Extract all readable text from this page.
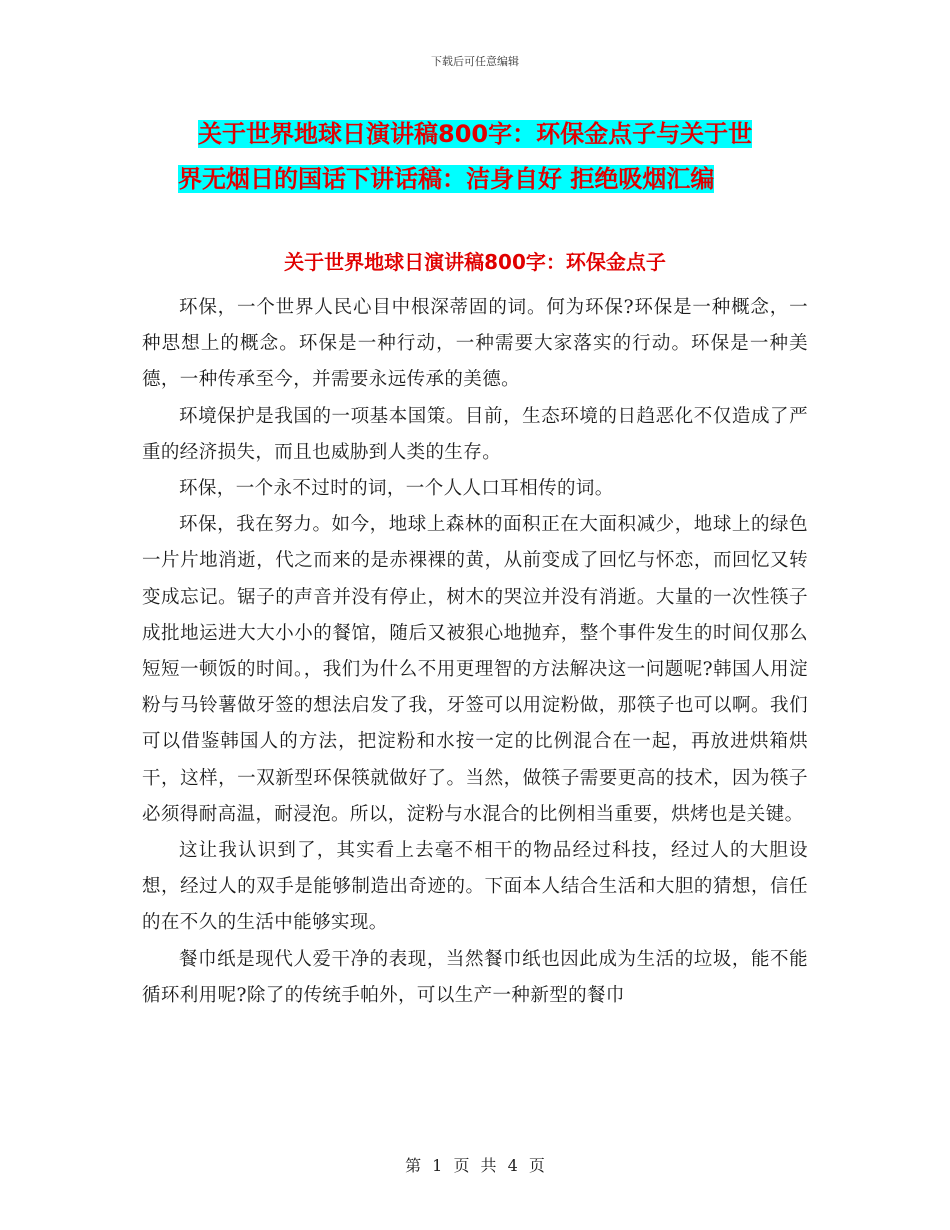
下载后可任意编辑
关于世界地球日演讲稿800字：环保金点子与关于世
界无烟日的国话下讲话稿：洁身自好 拒绝吸烟汇编
关于世界地球日演讲稿800字：环保金点子

环保，一个世界人民心目中根深蒂固的词。何为环保?环保是一种概念，一种思想上的概念。环保是一种行动，一种需要大家落实的行动。环保是一种美德，一种传承至今，并需要永远传承的美德。

环境保护是我国的一项基本国策。目前，生态环境的日趋恶化不仅造成了严重的经济损失，而且也威胁到人类的生存。

环保，一个永不过时的词，一个人人口耳相传的词。

环保，我在努力。如今，地球上森林的面积正在大面积减少，地球上的绿色一片片地消逝，代之而来的是赤裸裸的黄，从前变成了回忆与怀恋，而回忆又转变成忘记。锯子的声音并没有停止，树木的哭泣并没有消逝。大量的一次性筷子成批地运进大大小小的餐馆，随后又被狠心地抛弃，整个事件发生的时间仅那么短短一顿饭的时间。，我们为什么不用更理智的方法解决这一问题呢?韩国人用淀粉与马铃薯做牙签的想法启发了我，牙签可以用淀粉做，那筷子也可以啊。我们可以借鉴韩国人的方法，把淀粉和水按一定的比例混合在一起，再放进烘箱烘干，这样，一双新型环保筷就做好了。当然，做筷子需要更高的技术，因为筷子必须得耐高温，耐浸泡。所以，淀粉与水混合的比例相当重要，烘烤也是关键。

这让我认识到了，其实看上去毫不相干的物品经过科技，经过人的大胆设想，经过人的双手是能够制造出奇迹的。下面本人结合生活和大胆的猜想，信任的在不久的生活中能够实现。

餐巾纸是现代人爱干净的表现，当然餐巾纸也因此成为生活的垃圾，能不能循环利用呢?除了的传统手帕外，可以生产一种新型的餐巾

第 1 页 共 4 页
